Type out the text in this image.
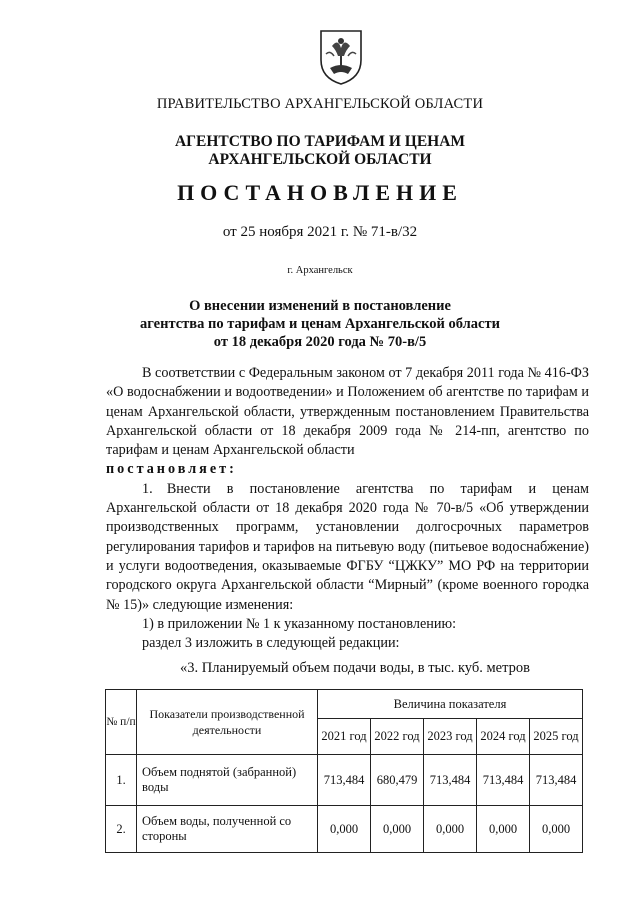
ПРАВИТЕЛЬСТВО АРХАНГЕЛЬСКОЙ ОБЛАСТИ
АГЕНТСТВО ПО ТАРИФАМ И ЦЕНАМ
АРХАНГЕЛЬСКОЙ ОБЛАСТИ
ПОСТАНОВЛЕНИЕ
от 25 ноября 2021 г. № 71-в/32
г. Архангельск
О внесении изменений в постановление
агентства по тарифам и ценам Архангельской области
от 18 декабря 2020 года № 70-в/5

В соответствии с Федеральным законом от 7 декабря 2011 года № 416-ФЗ «О водоснабжении и водоотведении» и Положением об агентстве по тарифам и ценам Архангельской области, утвержденным постановлением Правительства Архангельской области от 18 декабря 2009 года № 214-пп, агентство по тарифам и ценам Архангельской области

постановляет:

1. Внести в постановление агентства по тарифам и ценам Архангельской области от 18 декабря 2020 года № 70-в/5 «Об утверждении производственных программ, установлении долгосрочных параметров регулирования тарифов и тарифов на питьевую воду (питьевое водоснабжение) и услуги водоотведения, оказываемые ФГБУ “ЦЖКУ” МО РФ на территории городского округа Архангельской области “Мирный” (кроме военного городка № 15)» следующие изменения:

1) в приложении № 1 к указанному постановлению:

раздел 3 изложить в следующей редакции:

«3. Планируемый объем подачи воды, в тыс. куб. метров
№ п/п	Показатели производственной деятельности	Величина показателя				
		2021 год	2022 год	2023 год	2024 год	2025 год
1.	Объем поднятой (забранной) воды	713,484	680,479	713,484	713,484	713,484
2.	Объем воды, полученной со стороны	0,000	0,000	0,000	0,000	0,000
